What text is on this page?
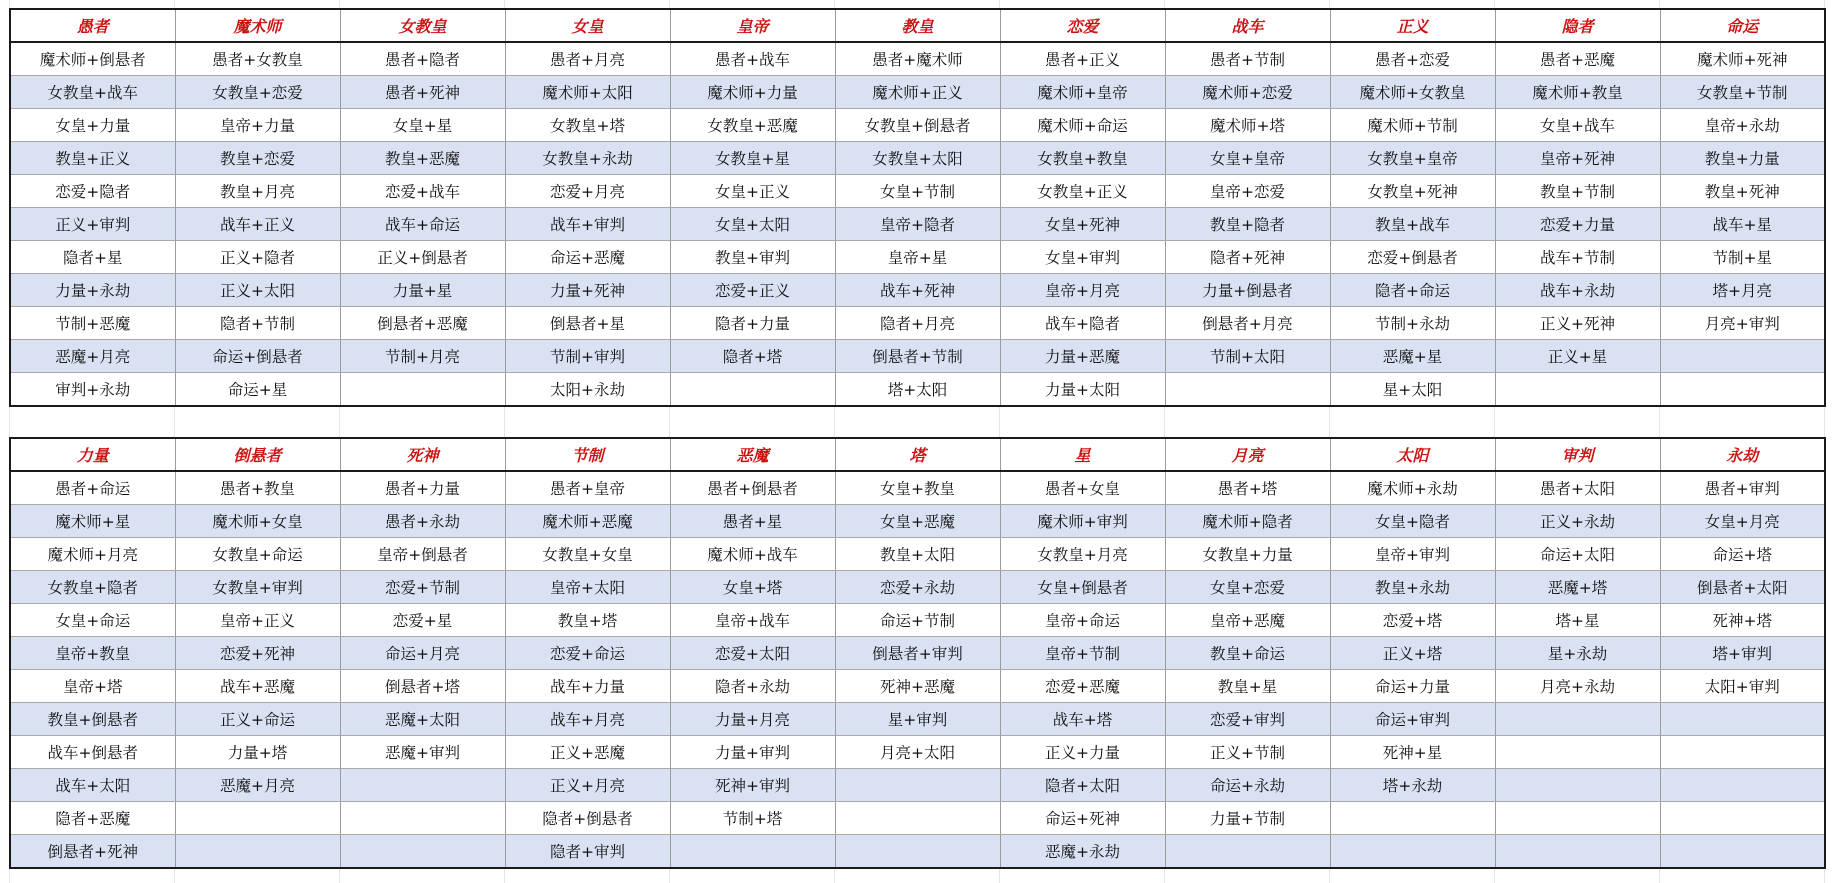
愚者	魔术师	女教皇	女皇	皇帝	教皇	恋爱	战车	正义	隐者	命运
魔术师+倒悬者	愚者+女教皇	愚者+隐者	愚者+月亮	愚者+战车	愚者+魔术师	愚者+正义	愚者+节制	愚者+恋爱	愚者+恶魔	魔术师+死神
女教皇+战车	女教皇+恋爱	愚者+死神	魔术师+太阳	魔术师+力量	魔术师+正义	魔术师+皇帝	魔术师+恋爱	魔术师+女教皇	魔术师+教皇	女教皇+节制
女皇+力量	皇帝+力量	女皇+星	女教皇+塔	女教皇+恶魔	女教皇+倒悬者	魔术师+命运	魔术师+塔	魔术师+节制	女皇+战车	皇帝+永劫
教皇+正义	教皇+恋爱	教皇+恶魔	女教皇+永劫	女教皇+星	女教皇+太阳	女教皇+教皇	女皇+皇帝	女教皇+皇帝	皇帝+死神	教皇+力量
恋爱+隐者	教皇+月亮	恋爱+战车	恋爱+月亮	女皇+正义	女皇+节制	女教皇+正义	皇帝+恋爱	女教皇+死神	教皇+节制	教皇+死神
正义+审判	战车+正义	战车+命运	战车+审判	女皇+太阳	皇帝+隐者	女皇+死神	教皇+隐者	教皇+战车	恋爱+力量	战车+星
隐者+星	正义+隐者	正义+倒悬者	命运+恶魔	教皇+审判	皇帝+星	女皇+审判	隐者+死神	恋爱+倒悬者	战车+节制	节制+星
力量+永劫	正义+太阳	力量+星	力量+死神	恋爱+正义	战车+死神	皇帝+月亮	力量+倒悬者	隐者+命运	战车+永劫	塔+月亮
节制+恶魔	隐者+节制	倒悬者+恶魔	倒悬者+星	隐者+力量	隐者+月亮	战车+隐者	倒悬者+月亮	节制+永劫	正义+死神	月亮+审判
恶魔+月亮	命运+倒悬者	节制+月亮	节制+审判	隐者+塔	倒悬者+节制	力量+恶魔	节制+太阳	恶魔+星	正义+星	
审判+永劫	命运+星		太阳+永劫		塔+太阳	力量+太阳		星+太阳		
力量	倒悬者	死神	节制	恶魔	塔	星	月亮	太阳	审判	永劫
愚者+命运	愚者+教皇	愚者+力量	愚者+皇帝	愚者+倒悬者	女皇+教皇	愚者+女皇	愚者+塔	魔术师+永劫	愚者+太阳	愚者+审判
魔术师+星	魔术师+女皇	愚者+永劫	魔术师+恶魔	愚者+星	女皇+恶魔	魔术师+审判	魔术师+隐者	女皇+隐者	正义+永劫	女皇+月亮
魔术师+月亮	女教皇+命运	皇帝+倒悬者	女教皇+女皇	魔术师+战车	教皇+太阳	女教皇+月亮	女教皇+力量	皇帝+审判	命运+太阳	命运+塔
女教皇+隐者	女教皇+审判	恋爱+节制	皇帝+太阳	女皇+塔	恋爱+永劫	女皇+倒悬者	女皇+恋爱	教皇+永劫	恶魔+塔	倒悬者+太阳
女皇+命运	皇帝+正义	恋爱+星	教皇+塔	皇帝+战车	命运+节制	皇帝+命运	皇帝+恶魔	恋爱+塔	塔+星	死神+塔
皇帝+教皇	恋爱+死神	命运+月亮	恋爱+命运	恋爱+太阳	倒悬者+审判	皇帝+节制	教皇+命运	正义+塔	星+永劫	塔+审判
皇帝+塔	战车+恶魔	倒悬者+塔	战车+力量	隐者+永劫	死神+恶魔	恋爱+恶魔	教皇+星	命运+力量	月亮+永劫	太阳+审判
教皇+倒悬者	正义+命运	恶魔+太阳	战车+月亮	力量+月亮	星+审判	战车+塔	恋爱+审判	命运+审判		
战车+倒悬者	力量+塔	恶魔+审判	正义+恶魔	力量+审判	月亮+太阳	正义+力量	正义+节制	死神+星		
战车+太阳	恶魔+月亮		正义+月亮	死神+审判		隐者+太阳	命运+永劫	塔+永劫		
隐者+恶魔			隐者+倒悬者	节制+塔		命运+死神	力量+节制			
倒悬者+死神			隐者+审判			恶魔+永劫				
